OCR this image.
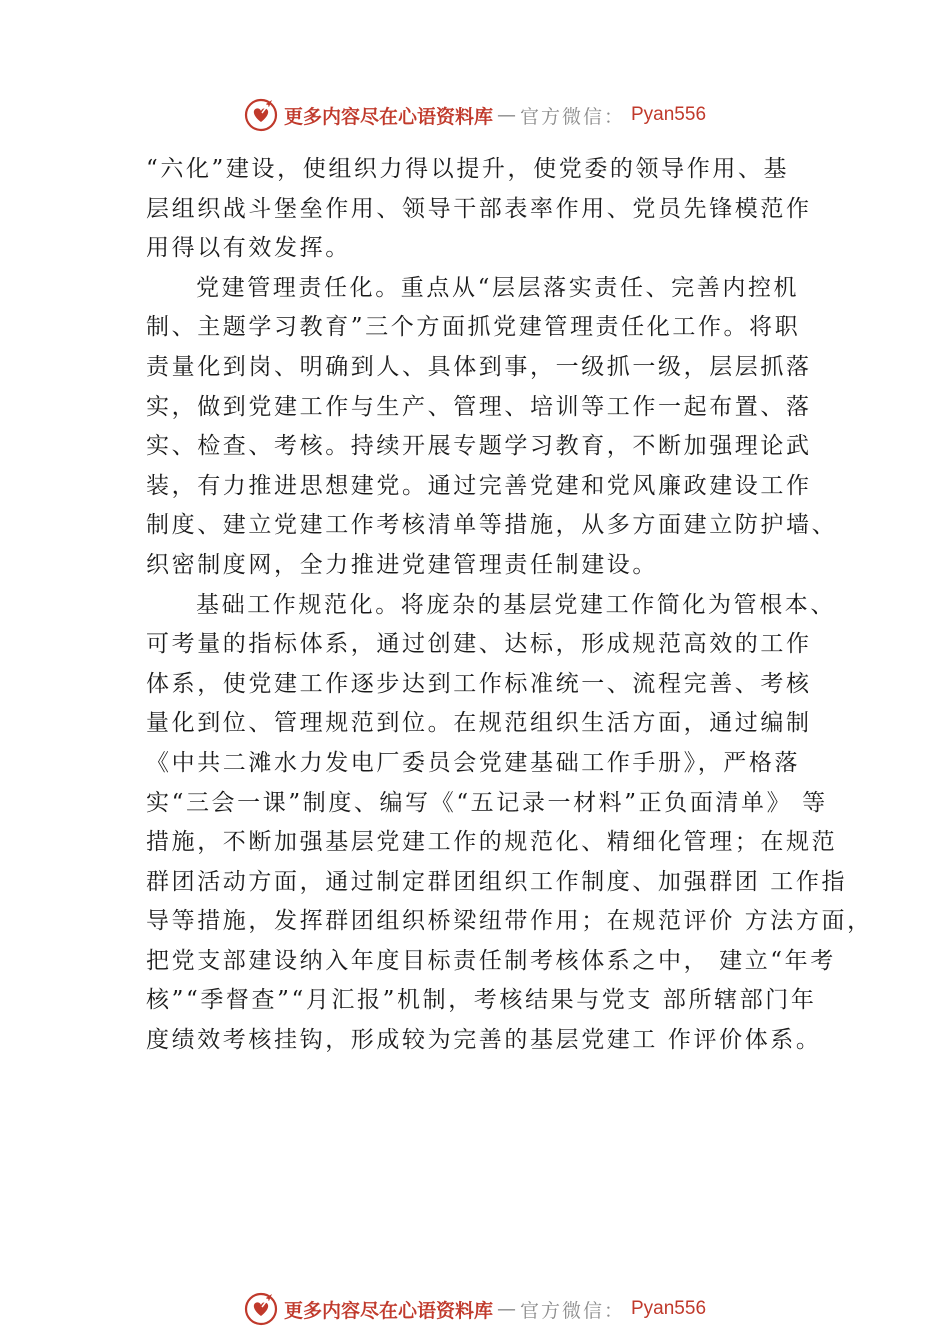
更多内容尽在心语资料库 — 官方微信： Pyan556
“六化”建设，使组织力得以提升，使党委的领导作用、基
层组织战斗堡垒作用、领导干部表率作用、党员先锋模范作
用得以有效发挥。
党建管理责任化。重点从“层层落实责任、完善内控机
制、主题学习教育”三个方面抓党建管理责任化工作。将职
责量化到岗、明确到人、具体到事，一级抓一级，层层抓落
实，做到党建工作与生产、管理、培训等工作一起布置、落
实、检查、考核。持续开展专题学习教育，不断加强理论武
装，有力推进思想建党。通过完善党建和党风廉政建设工作
制度、建立党建工作考核清单等措施，从多方面建立防护墙、
织密制度网，全力推进党建管理责任制建设。
基础工作规范化。将庞杂的基层党建工作简化为管根本、
可考量的指标体系，通过创建、达标，形成规范高效的工作
体系，使党建工作逐步达到工作标准统一、流程完善、考核
量化到位、管理规范到位。在规范组织生活方面，通过编制
《中共二滩水力发电厂委员会党建基础工作手册》，严格落
实“三会一课”制度、编写《“五记录一材料”正负面清单》 等
措施，不断加强基层党建工作的规范化、精细化管理；在规范
群团活动方面，通过制定群团组织工作制度、加强群团 工作指
导等措施，发挥群团组织桥梁纽带作用；在规范评价 方法方面，
把党支部建设纳入年度目标责任制考核体系之中， 建立“年考
核”“季督查”“月汇报”机制，考核结果与党支 部所辖部门年
度绩效考核挂钩，形成较为完善的基层党建工 作评价体系。
更多内容尽在心语资料库 — 官方微信： Pyan556
